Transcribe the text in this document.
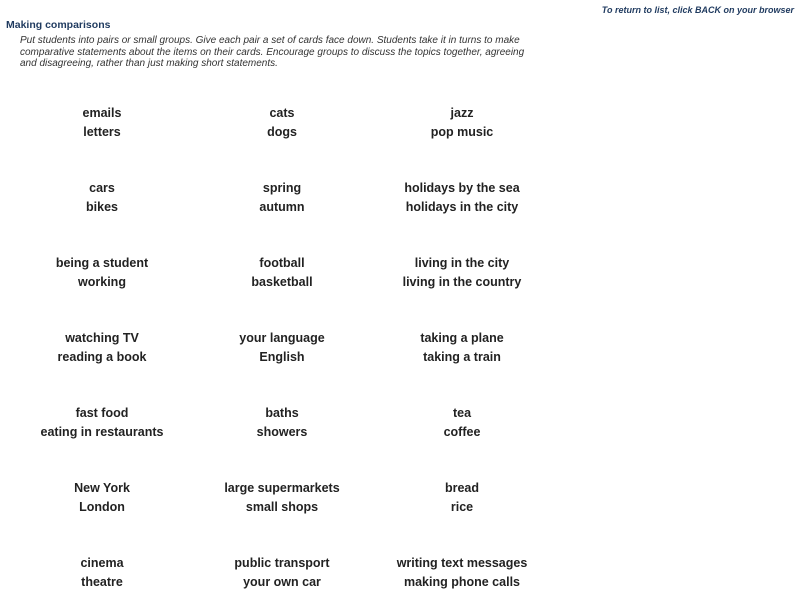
To return to list, click BACK on your browser
Making comparisons

Put students into pairs or small groups. Give each pair a set of cards face down. Students take it in turns to make comparative statements about the items on their cards. Encourage groups to discuss the topics together, agreeing and disagreeing, rather than just making short statements.

emails
letters
cats
dogs
jazz
pop music
cars
bikes
spring
autumn
holidays by the sea
holidays in the city
being a student
working
football
basketball
living in the city
living in the country
watching TV
reading a book
your language
English
taking a plane
taking a train
fast food
eating in restaurants
baths
showers
tea
coffee
New York
London
large supermarkets
small shops
bread
rice
cinema
theatre
public transport
your own car
writing text messages
making phone calls
